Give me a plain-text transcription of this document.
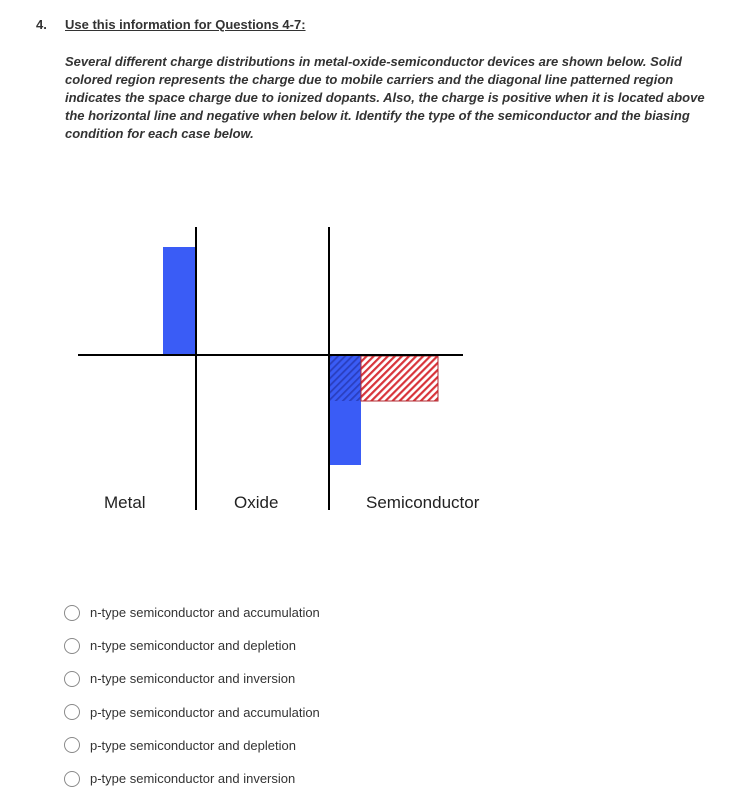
4. Use this information for Questions 4-7:
Several different charge distributions in metal-oxide-semiconductor devices are shown below. Solid colored region represents the charge due to mobile carriers and the diagonal line patterned region indicates the space charge due to ionized dopants. Also, the charge is positive when it is located above the horizontal line and negative when below it. Identify the type of the semiconductor and the biasing condition for each case below.
Metal	Oxide	Semiconductor
n-type semiconductor and accumulation
n-type semiconductor and depletion
n-type semiconductor and inversion
p-type semiconductor and accumulation
p-type semiconductor and depletion
p-type semiconductor and inversion
